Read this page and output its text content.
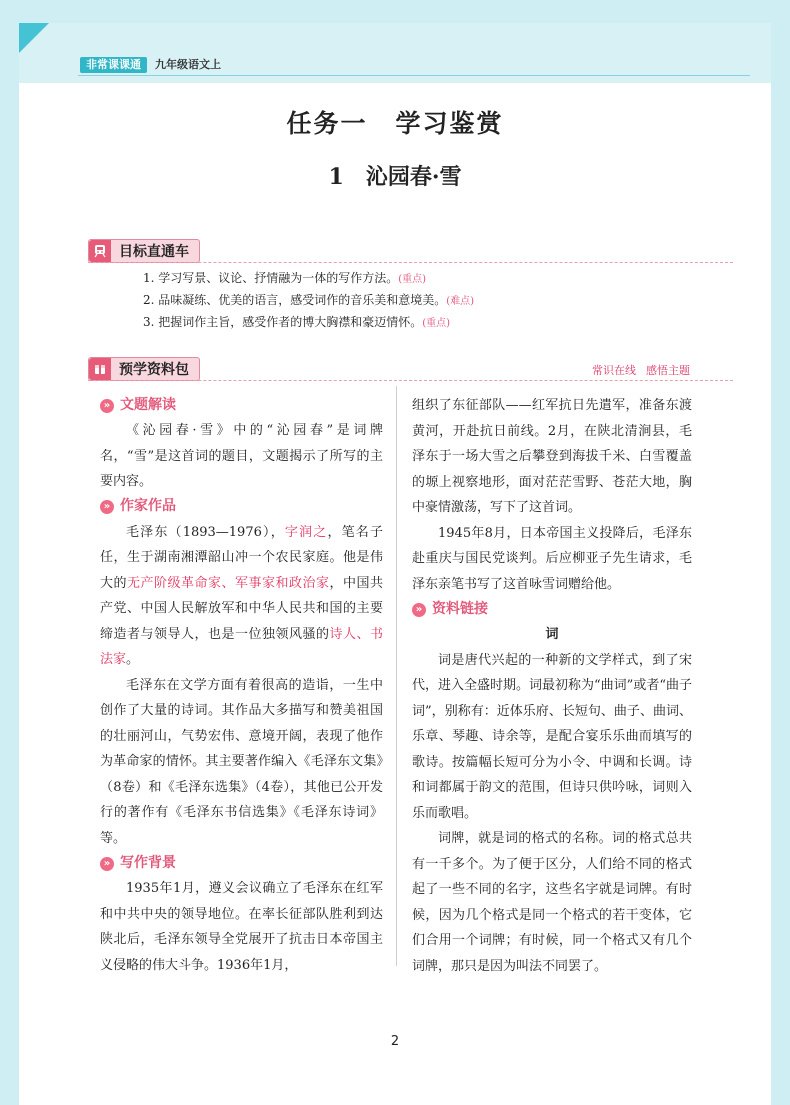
非常课课通	九年级语文上
任务一 学习鉴赏
1 沁园春·雪
目标直通车
1. 学习写景、议论、抒情融为一体的写作方法。(重点)
2. 品味凝练、优美的语言，感受词作的音乐美和意境美。(难点)
3. 把握词作主旨，感受作者的博大胸襟和豪迈情怀。(重点)
预学资料包	常识在线 感悟主题
» 文题解读

《沁园春·雪》中的“沁园春”是词牌名，“雪”是这首词的题目，文题揭示了所写的主要内容。

» 作家作品

毛泽东（1893—1976），字润之，笔名子任，生于湖南湘潭韶山冲一个农民家庭。他是伟大的无产阶级革命家、军事家和政治家，中国共产党、中国人民解放军和中华人民共和国的主要缔造者与领导人，也是一位独领风骚的诗人、书法家。

毛泽东在文学方面有着很高的造诣，一生中创作了大量的诗词。其作品大多描写和赞美祖国的壮丽河山，气势宏伟、意境开阔，表现了他作为革命家的情怀。其主要著作编入《毛泽东文集》（8卷）和《毛泽东选集》（4卷），其他已公开发行的著作有《毛泽东书信选集》《毛泽东诗词》等。

» 写作背景

1935年1月，遵义会议确立了毛泽东在红军和中共中央的领导地位。在率长征部队胜利到达陕北后，毛泽东领导全党展开了抗击日本帝国主义侵略的伟大斗争。1936年1月，

组织了东征部队——红军抗日先遣军，准备东渡黄河，开赴抗日前线。2月，在陕北清涧县，毛泽东于一场大雪之后攀登到海拔千米、白雪覆盖的塬上视察地形，面对茫茫雪野、苍茫大地，胸中豪情激荡，写下了这首词。

1945年8月，日本帝国主义投降后，毛泽东赴重庆与国民党谈判。后应柳亚子先生请求，毛泽东亲笔书写了这首咏雪词赠给他。

» 资料链接
词

词是唐代兴起的一种新的文学样式，到了宋代，进入全盛时期。词最初称为“曲词”或者“曲子词”，别称有：近体乐府、长短句、曲子、曲词、乐章、琴趣、诗余等，是配合宴乐乐曲而填写的歌诗。按篇幅长短可分为小令、中调和长调。诗和词都属于韵文的范围，但诗只供吟咏，词则入乐而歌唱。

词牌，就是词的格式的名称。词的格式总共有一千多个。为了便于区分，人们给不同的格式起了一些不同的名字，这些名字就是词牌。有时候，因为几个格式是同一个格式的若干变体，它们合用一个词牌；有时候，同一个格式又有几个词牌，那只是因为叫法不同罢了。

2
